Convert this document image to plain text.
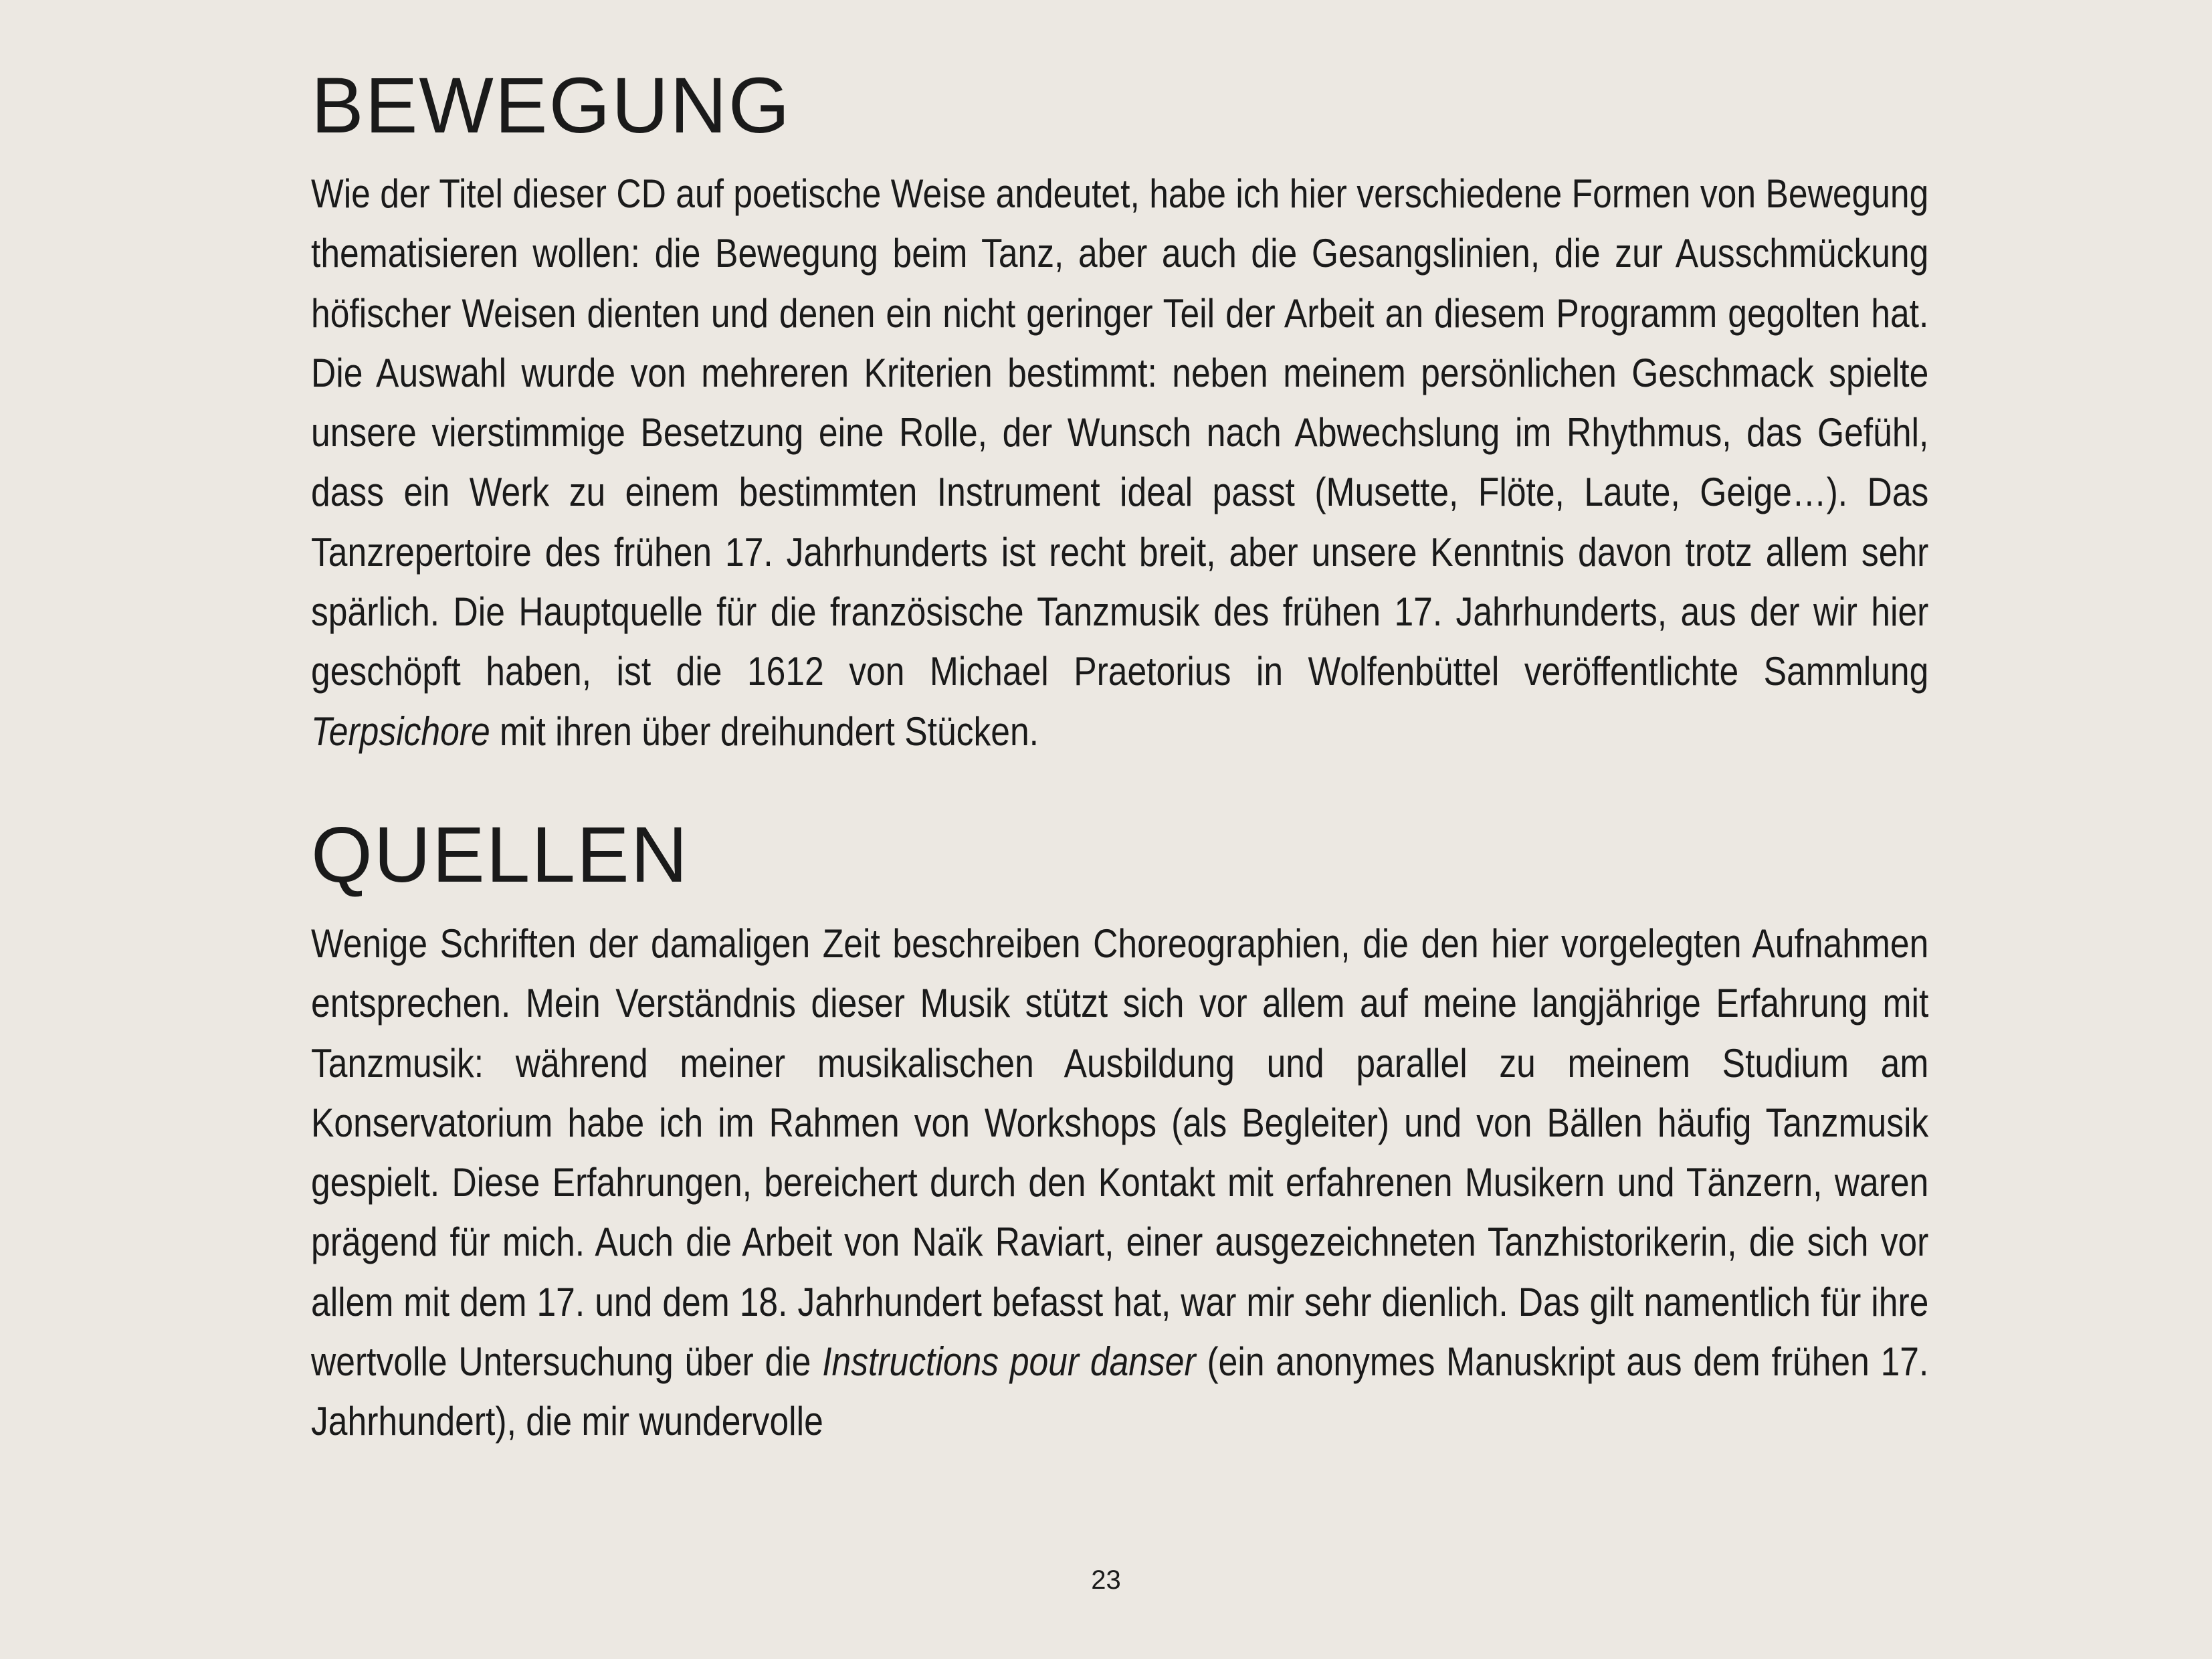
BEWEGUNG

Wie der Titel dieser CD auf poetische Weise andeutet, habe ich hier verschiedene Formen von Bewegung thematisieren wollen: die Bewegung beim Tanz, aber auch die Gesangslinien, die zur Ausschmückung höfischer Weisen dienten und denen ein nicht geringer Teil der Arbeit an diesem Programm gegolten hat. Die Auswahl wurde von mehreren Kriterien bestimmt: neben meinem persönlichen Geschmack spielte unsere vierstimmige Besetzung eine Rolle, der Wunsch nach Abwechslung im Rhythmus, das Gefühl, dass ein Werk zu einem bestimmten Instrument ideal passt (Musette, Flöte, Laute, Geige…). Das Tanzrepertoire des frühen 17. Jahrhunderts ist recht breit, aber unsere Kenntnis davon trotz allem sehr spärlich. Die Hauptquelle für die französische Tanzmusik des frühen 17. Jahrhunderts, aus der wir hier geschöpft haben, ist die 1612 von Michael Praetorius in Wolfenbüttel veröffentlichte Sammlung Terpsichore mit ihren über dreihundert Stücken.

QUELLEN

Wenige Schriften der damaligen Zeit beschreiben Choreographien, die den hier vorgelegten Aufnahmen entsprechen. Mein Verständnis dieser Musik stützt sich vor allem auf meine langjährige Erfahrung mit Tanzmusik: während meiner musikalischen Ausbildung und parallel zu meinem Studium am Konservatorium habe ich im Rahmen von Workshops (als Begleiter) und von Bällen häufig Tanzmusik gespielt. Diese Erfahrungen, bereichert durch den Kontakt mit erfahrenen Musikern und Tänzern, waren prägend für mich. Auch die Arbeit von Naïk Raviart, einer ausgezeichneten Tanzhistorikerin, die sich vor allem mit dem 17. und dem 18. Jahrhundert befasst hat, war mir sehr dienlich. Das gilt namentlich für ihre wertvolle Untersuchung über die Instructions pour danser (ein anonymes Manuskript aus dem frühen 17. Jahrhundert), die mir wundervolle

23
